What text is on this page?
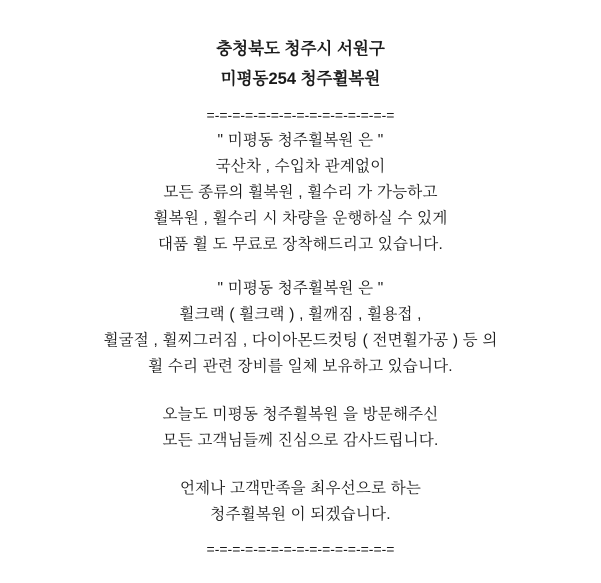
충청북도 청주시 서원구
미평동254 청주휠복원
=-=-=-=-=-=-=-=-=-=-=-=-=-=-=
" 미평동 청주휠복원 은 "
국산차 , 수입차 관계없이
모든 종류의 휠복원 , 휠수리 가 가능하고
휠복원 , 휠수리 시 차량을 운행하실 수 있게
대품 휠 도 무료로 장착해드리고 있습니다.
" 미평동 청주휠복원 은 "
휠크랙 ( 휠크랙 ) , 휠깨짐 , 휠용접 ,
휠굴절 , 휠찌그러짐 , 다이아몬드컷팅 ( 전면휠가공 ) 등 의
휠 수리 관련 장비를 일체 보유하고 있습니다.
오늘도 미평동 청주휠복원 을 방문해주신
모든 고객님들께 진심으로 감사드립니다.
언제나 고객만족을 최우선으로 하는
청주휠복원 이 되겠습니다.
=-=-=-=-=-=-=-=-=-=-=-=-=-=-=
